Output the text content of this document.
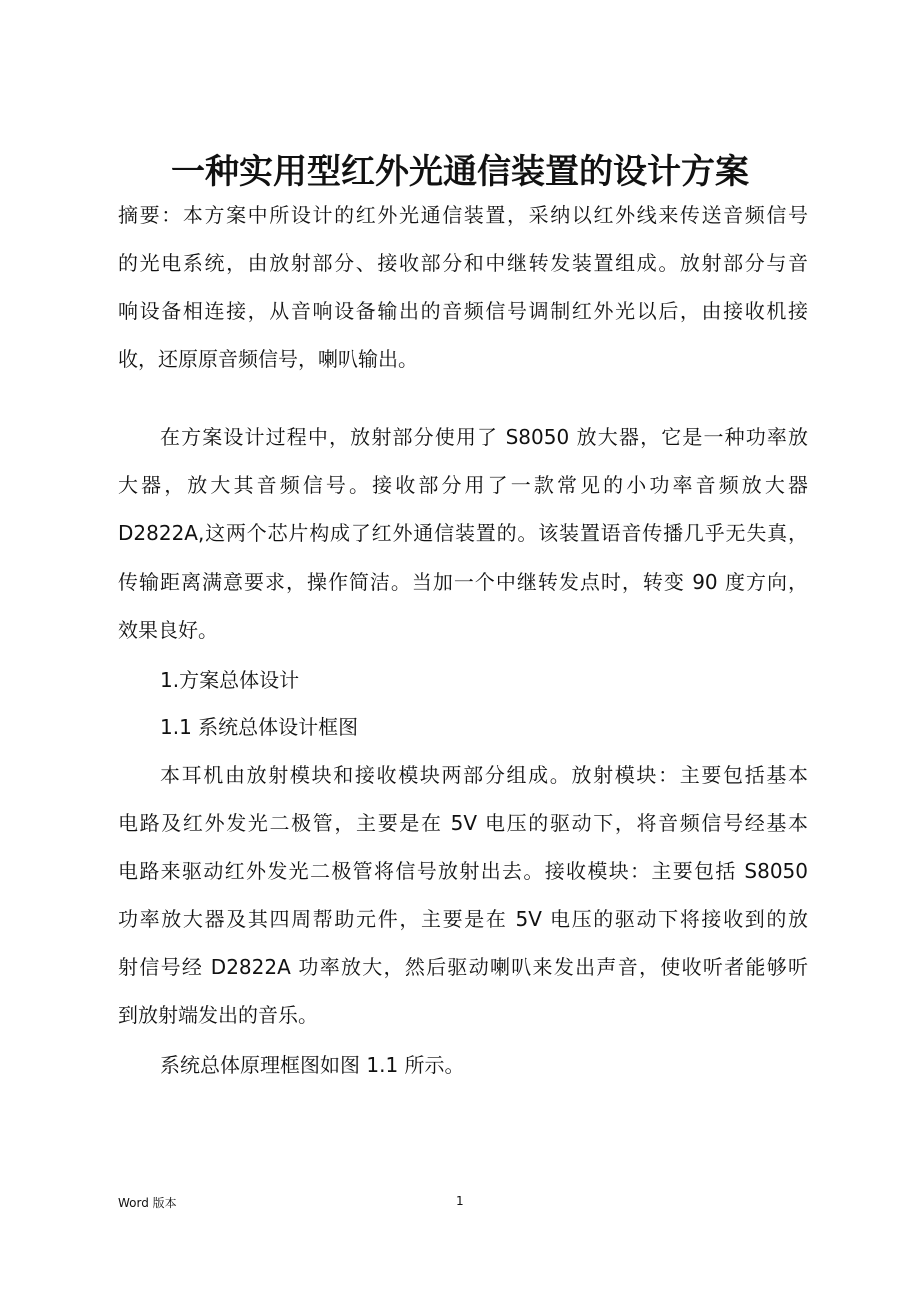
一种实用型红外光通信装置的设计方案
摘要：本方案中所设计的红外光通信装置，采纳以红外线来传送音频信号
的光电系统，由放射部分、接收部分和中继转发装置组成。放射部分与音
响设备相连接，从音响设备输出的音频信号调制红外光以后，由接收机接
收，还原原音频信号，喇叭输出。
在方案设计过程中，放射部分使用了 S8050 放大器，它是一种功率放
大器，放大其音频信号。接收部分用了一款常见的小功率音频放大器
D2822A,这两个芯片构成了红外通信装置的。该装置语音传播几乎无失真，
传输距离满意要求，操作简洁。当加一个中继转发点时，转变 90 度方向，
效果良好。
1.方案总体设计
1.1 系统总体设计框图
本耳机由放射模块和接收模块两部分组成。放射模块：主要包括基本
电路及红外发光二极管，主要是在 5V 电压的驱动下，将音频信号经基本
电路来驱动红外发光二极管将信号放射出去。接收模块：主要包括 S8050
功率放大器及其四周帮助元件，主要是在 5V 电压的驱动下将接收到的放
射信号经 D2822A 功率放大，然后驱动喇叭来发出声音，使收听者能够听
到放射端发出的音乐。
系统总体原理框图如图 1.1 所示。
Word 版本	1
